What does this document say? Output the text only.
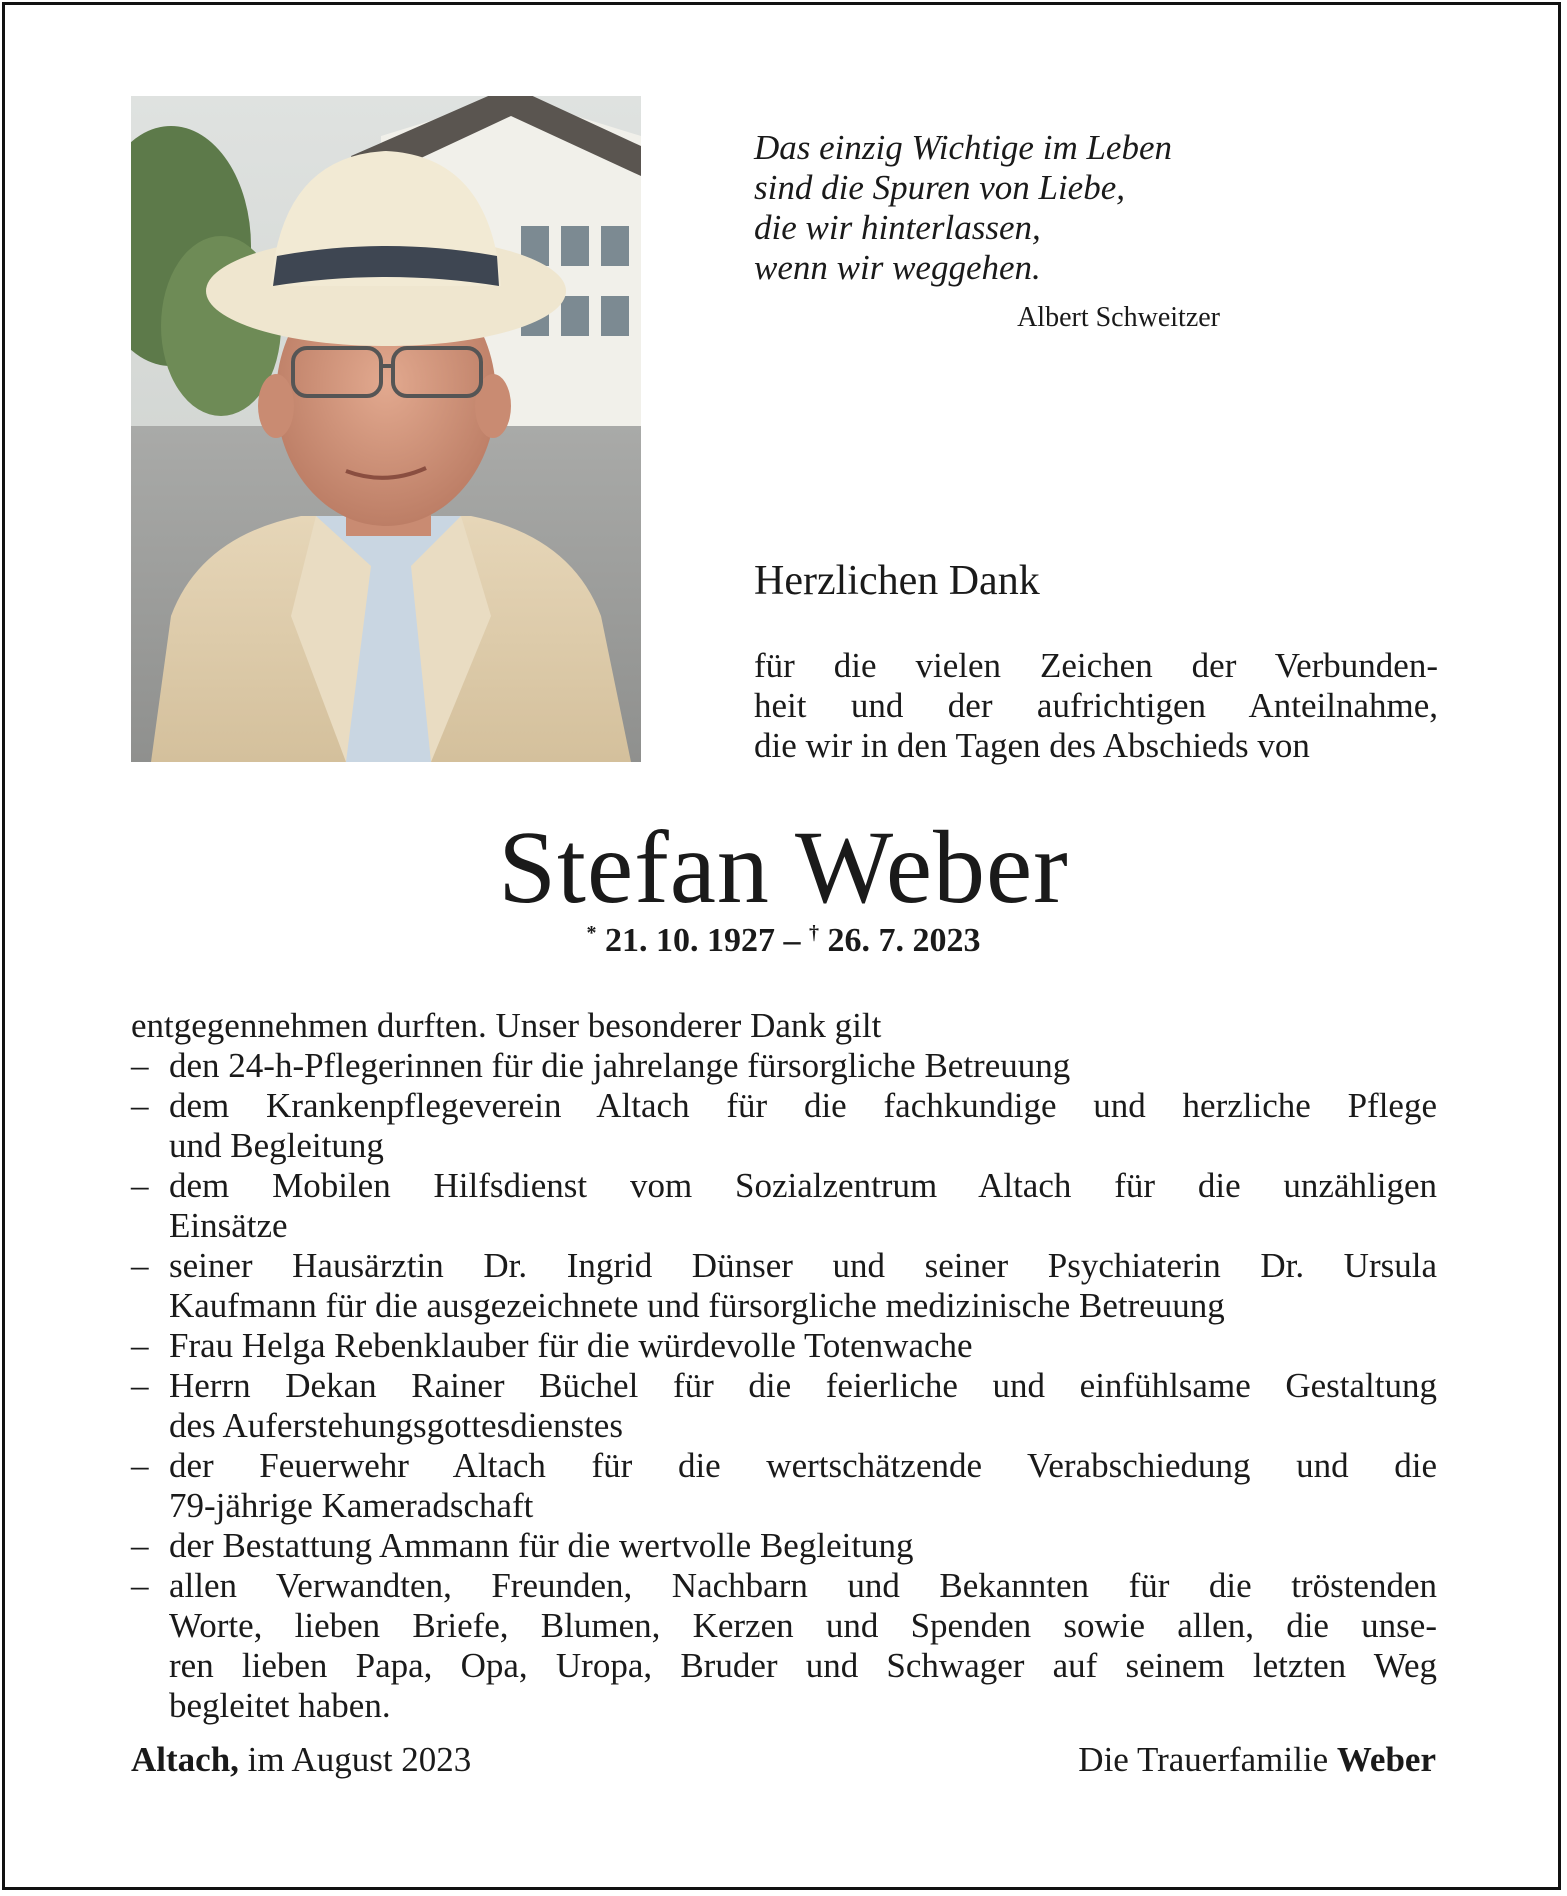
Das einzig Wichtige im Leben
sind die Spuren von Liebe,
die wir hinterlassen,
wenn wir weggehen.
Albert Schweitzer
Herzlichen Dank
für die vielen Zeichen der Verbunden-
heit und der aufrichtigen Anteilnahme,
die wir in den Tagen des Abschieds von
Stefan Weber
* 21. 10. 1927 – † 26. 7. 2023
entgegennehmen durften. Unser besonderer Dank gilt
– den 24-h-Pflegerinnen für die jahrelange fürsorgliche Betreuung
– dem Krankenpflegeverein Altach für die fachkundige und herzliche Pflege
und Begleitung
– dem Mobilen Hilfsdienst vom Sozialzentrum Altach für die unzähligen
Einsätze
– seiner Hausärztin Dr. Ingrid Dünser und seiner Psychiaterin Dr. Ursula
Kaufmann für die ausgezeichnete und fürsorgliche medizinische Betreuung
– Frau Helga Rebenklauber für die würdevolle Totenwache
– Herrn Dekan Rainer Büchel für die feierliche und einfühlsame Gestaltung
des Auferstehungsgottesdienstes
– der Feuerwehr Altach für die wertschätzende Verabschiedung und die
79-jährige Kameradschaft
– der Bestattung Ammann für die wertvolle Begleitung
– allen Verwandten, Freunden, Nachbarn und Bekannten für die tröstenden
Worte, lieben Briefe, Blumen, Kerzen und Spenden sowie allen, die unse-
ren lieben Papa, Opa, Uropa, Bruder und Schwager auf seinem letzten Weg
begleitet haben.
Altach, im August 2023	Die Trauerfamilie Weber
